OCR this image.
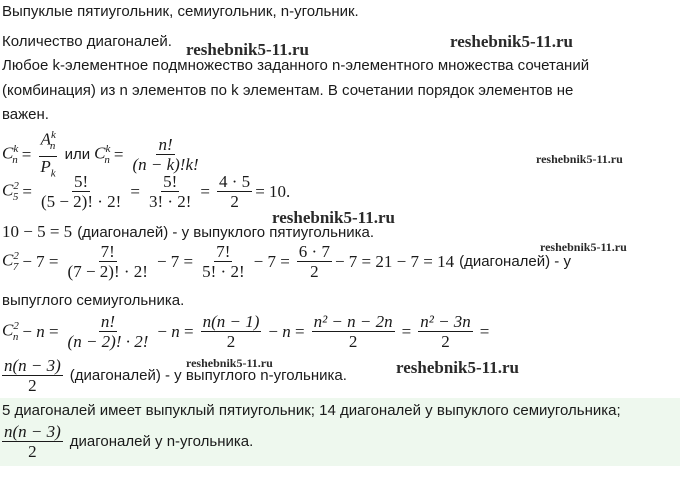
Выпуклые пятиугольник, семиугольник, n-угольник.
Количество диагоналей.
Любое k-элементное подмножество заданного n-элементного множества сочетаний
(комбинация) из n элементов по k элементам. В сочетании порядок элементов не
важен.
$C^k_n = \frac{A^k_n}{P_k}$ или $C^k_n = \frac{n!}{(n - k)!k!}$
$C^2_5 = \frac{5!}{(5 - 2)! \cdot 2!} = \frac{5!}{3! \cdot 2!} = \frac{4 \cdot 5}{2} = 10$.
10 − 5 = 5 (диагоналей) - у выпуклого пятиугольника.
$C^2_7 - 7 = \frac{7!}{(7 - 2)! \cdot 2!} - 7 = \frac{7!}{5! \cdot 2!} - 7 = \frac{6 \cdot 7}{2} - 7 = 21 - 7 = 14$ (диагоналей) - у
выпуглого семиугольника.
$C^2_n - n = \frac{n!}{(n - 2)! \cdot 2!} - n = \frac{n(n - 1)}{2} - n = \frac{\text{n² − n − 2n}}{2} = \frac{\text{n² − 3n}}{2}$ =
$\frac{n(n - 3)}{2}$ (диагоналей) - у выпуглого n-угольника.
5 диагоналей имеет выпуклый пятиугольник; 14 диагоналей у выпуклого семиугольника;
$\frac{n(n - 3)}{2}$ диагоналей у n-угольника.
reshebnik5-11.ru	reshebnik5-11.ru
reshebnik5-11.ru
reshebnik5-11.ru
reshebnik5-11.ru
reshebnik5-11.ru	reshebnik5-11.ru
